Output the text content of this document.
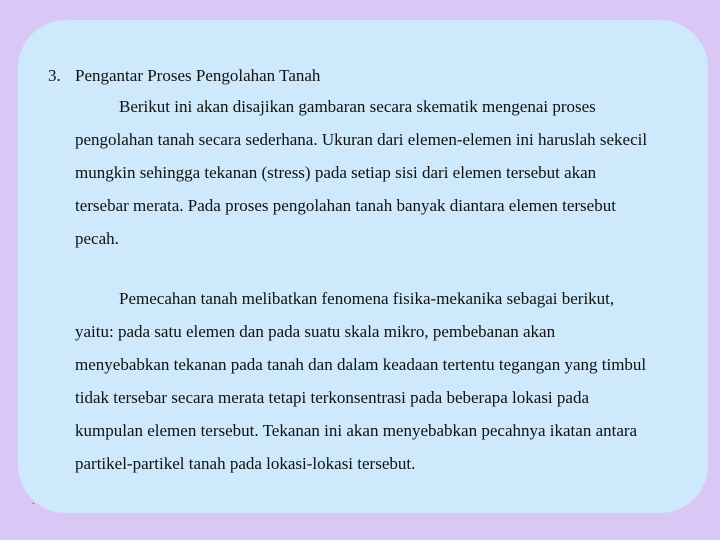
3. Pengantar Proses Pengolahan Tanah

Berikut ini akan disajikan gambaran secara skematik mengenai proses
pengolahan tanah secara sederhana. Ukuran dari elemen-elemen ini haruslah sekecil
mungkin sehingga tekanan (stress) pada setiap sisi dari elemen tersebut akan
tersebar merata. Pada proses pengolahan tanah banyak diantara elemen tersebut
pecah.

Pemecahan tanah melibatkan fenomena fisika-mekanika sebagai berikut,
yaitu: pada satu elemen dan pada suatu skala mikro, pembebanan akan
menyebabkan tekanan pada tanah dan dalam keadaan tertentu tegangan yang timbul
tidak tersebar secara merata tetapi terkonsentrasi pada beberapa lokasi pada
kumpulan elemen tersebut. Tekanan ini akan menyebabkan pecahnya ikatan antara
partikel-partikel tanah pada lokasi-lokasi tersebut.

.
